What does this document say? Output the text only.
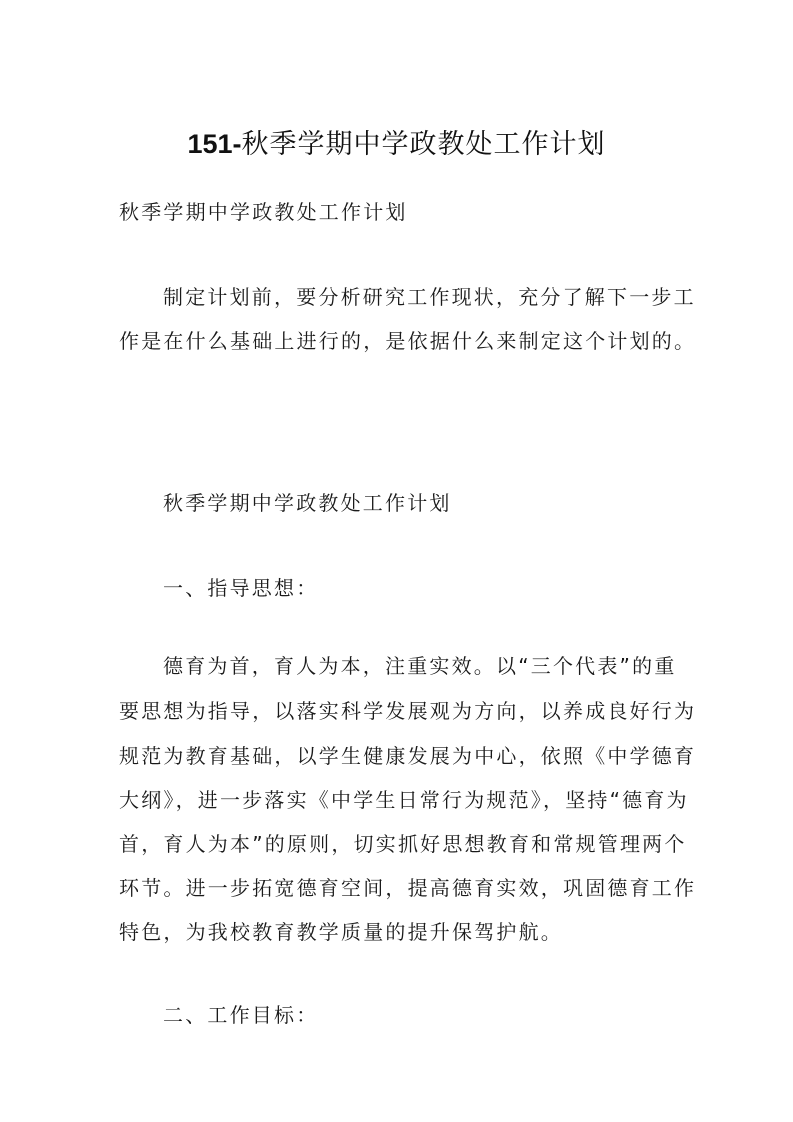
151-秋季学期中学政教处工作计划
秋季学期中学政教处工作计划
制定计划前，要分析研究工作现状，充分了解下一步工
作是在什么基础上进行的，是依据什么来制定这个计划的。
秋季学期中学政教处工作计划
一、指导思想：
德育为首，育人为本，注重实效。以“三个代表”的重
要思想为指导，以落实科学发展观为方向，以养成良好行为
规范为教育基础，以学生健康发展为中心，依照《中学德育
大纲》，进一步落实《中学生日常行为规范》，坚持“德育为
首，育人为本”的原则，切实抓好思想教育和常规管理两个
环节。进一步拓宽德育空间，提高德育实效，巩固德育工作
特色，为我校教育教学质量的提升保驾护航。
二、工作目标：
